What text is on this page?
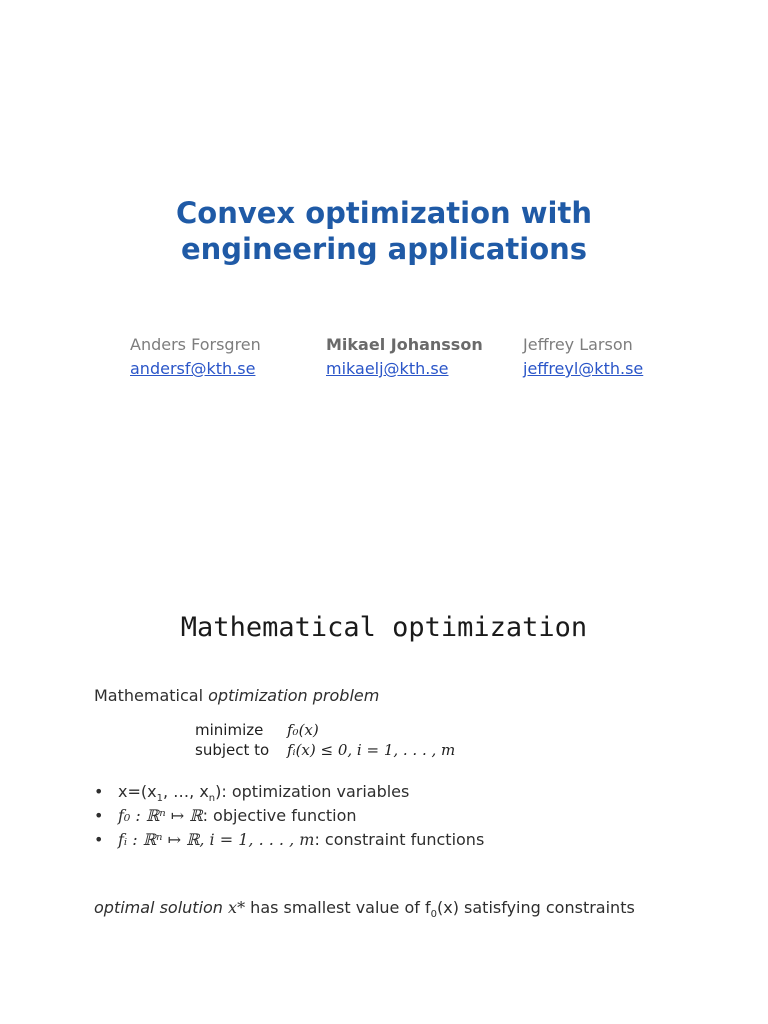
Convex optimization with
engineering applications
Anders Forsgren
andersf@kth.se
Mikael Johansson
mikaelj@kth.se
Jeffrey Larson
jeffreyl@kth.se
Mathematical optimization
Mathematical optimization problem
minimize f₀(x)
subject to fᵢ(x) ≤ 0, i = 1, . . . , m
• $x=(x_1$, …, $x_n$): optimization variables
• f₀ : ℝⁿ ↦ ℝ: objective function
• fᵢ : ℝⁿ ↦ ℝ, i = 1, . . . , m: constraint functions
optimal solution x* has smallest value of $f_0(x)$ satisfying constraints
